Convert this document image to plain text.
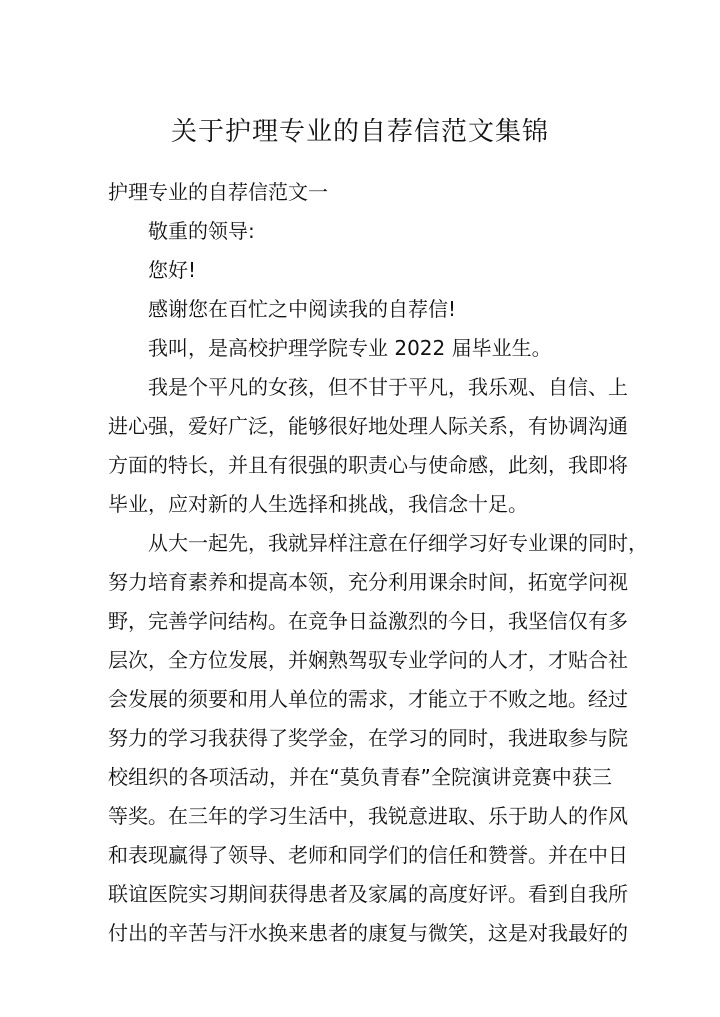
关于护理专业的自荐信范文集锦
护理专业的自荐信范文一
敬重的领导:
您好!
感谢您在百忙之中阅读我的自荐信!
我叫，是高校护理学院专业 2022 届毕业生。
我是个平凡的女孩，但不甘于平凡，我乐观、自信、上
进心强，爱好广泛，能够很好地处理人际关系，有协调沟通
方面的特长，并且有很强的职责心与使命感，此刻，我即将
毕业，应对新的人生选择和挑战，我信念十足。
从大一起先，我就异样注意在仔细学习好专业课的同时，
努力培育素养和提高本领，充分利用课余时间，拓宽学问视
野，完善学问结构。在竞争日益激烈的今日，我坚信仅有多
层次，全方位发展，并娴熟驾驭专业学问的人才，才贴合社
会发展的须要和用人单位的需求，才能立于不败之地。经过
努力的学习我获得了奖学金，在学习的同时，我进取参与院
校组织的各项活动，并在“莫负青春”全院演讲竞赛中获三
等奖。在三年的学习生活中，我锐意进取、乐于助人的作风
和表现赢得了领导、老师和同学们的信任和赞誉。并在中日
联谊医院实习期间获得患者及家属的高度好评。看到自我所
付出的辛苦与汗水换来患者的康复与微笑，这是对我最好的
